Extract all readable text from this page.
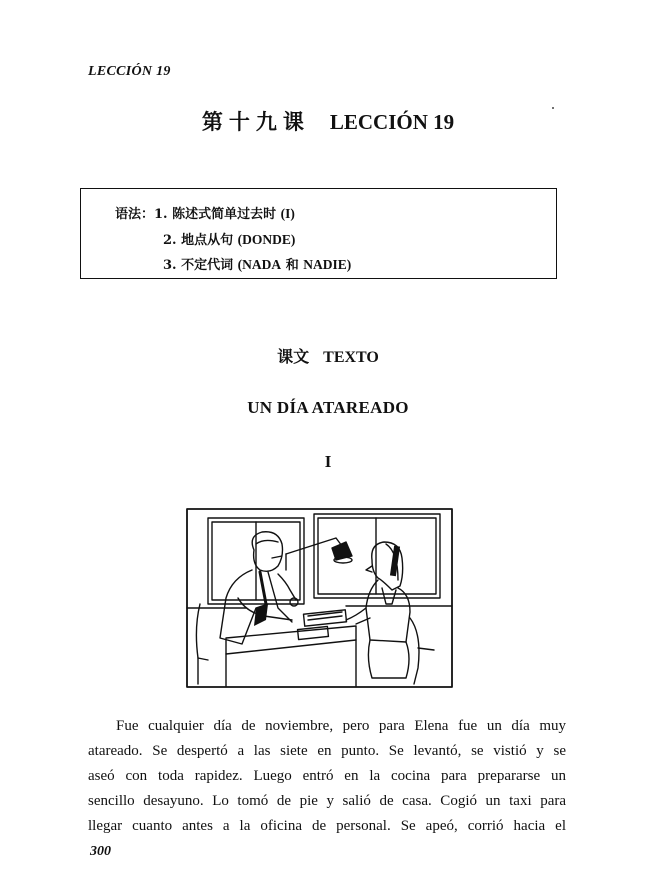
LECCIÓN 19
第十九课 LECCIÓN 19
语法：1. 陈述式简单过去时 (I)
2. 地点从句 (DONDE)
3. 不定代词 (NADA 和 NADIE)
课文 TEXTO
UN DÍA ATAREADO
I
Fue cualquier día de noviembre, pero para Elena fue un día muy
atareado. Se despertó a las siete en punto. Se levantó, se vistió y se
aseó con toda rapidez. Luego entró en la cocina para prepararse un
sencillo desayuno. Lo tomó de pie y salió de casa. Cogió un taxi para
llegar cuanto antes a la oficina de personal. Se apeó, corrió hacia el
300
